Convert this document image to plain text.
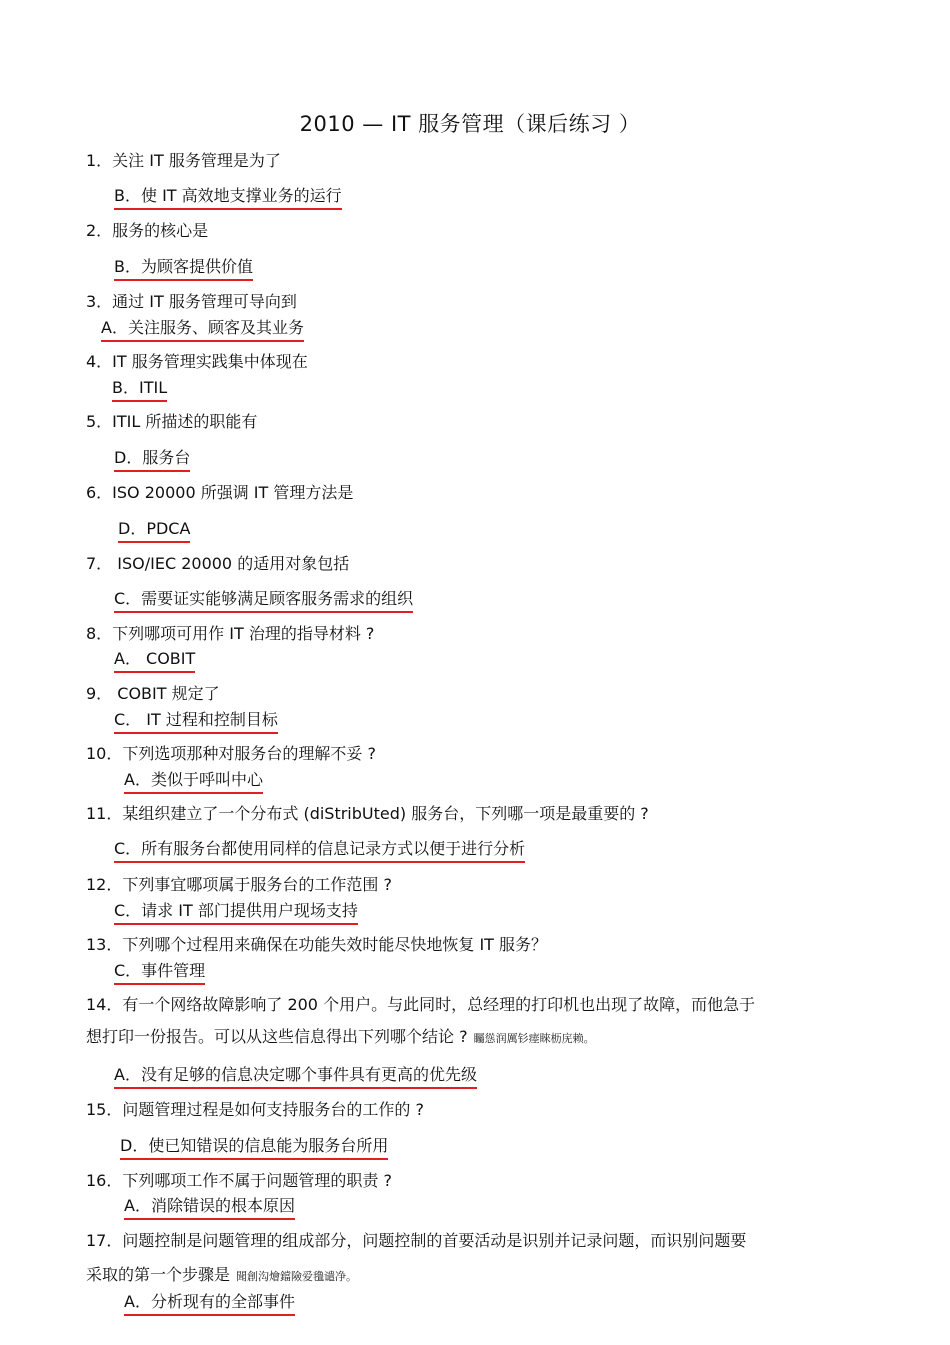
2010 — IT 服务管理（课后练习 ）
1．关注 IT 服务管理是为了
B．使 IT 高效地支撑业务的运行
2．服务的核心是
B．为顾客提供价值
3．通过 IT 服务管理可导向到
A．关注服务、顾客及其业务
4．IT 服务管理实践集中体现在
B．ITIL
5．ITIL 所描述的职能有
D．服务台
6．ISO 20000 所强调 IT 管理方法是
D．PDCA
7． ISO/IEC 20000 的适用对象包括
C．需要证实能够满足顾客服务需求的组织
8．下列哪项可用作 IT 治理的指导材料 ?
A． COBIT
9． COBIT 规定了
C． IT 过程和控制目标
10．下列选项那种对服务台的理解不妥 ?
A．类似于呼叫中心
11．某组织建立了一个分布式 (diStribUted) 服务台，下列哪一项是最重要的 ?
C．所有服务台都使用同样的信息记录方式以便于进行分析
12．下列事宜哪项属于服务台的工作范围 ?
C．请求 IT 部门提供用户现场支持
13．下列哪个过程用来确保在功能失效时能尽快地恢复 IT 服务？
C．事件管理
14．有一个网络故障影响了 200 个用户。与此同时，总经理的打印机也出现了故障，而他急于
想打印一份报告。可以从这些信息得出下列哪个结论 ? 矚慫润厲钐瘗睞枥庑赖。
A．没有足够的信息决定哪个事件具有更高的优先级
15．问题管理过程是如何支持服务台的工作的 ?
D．使已知错误的信息能为服务台所用
16．下列哪项工作不属于问题管理的职责 ?
A．消除错误的根本原因
17．问题控制是问题管理的组成部分，问题控制的首要活动是识别并记录问题，而识别问题要
采取的第一个步骤是 聞創沟燴鐺險爱氇谴净。
A．分析现有的全部事件
